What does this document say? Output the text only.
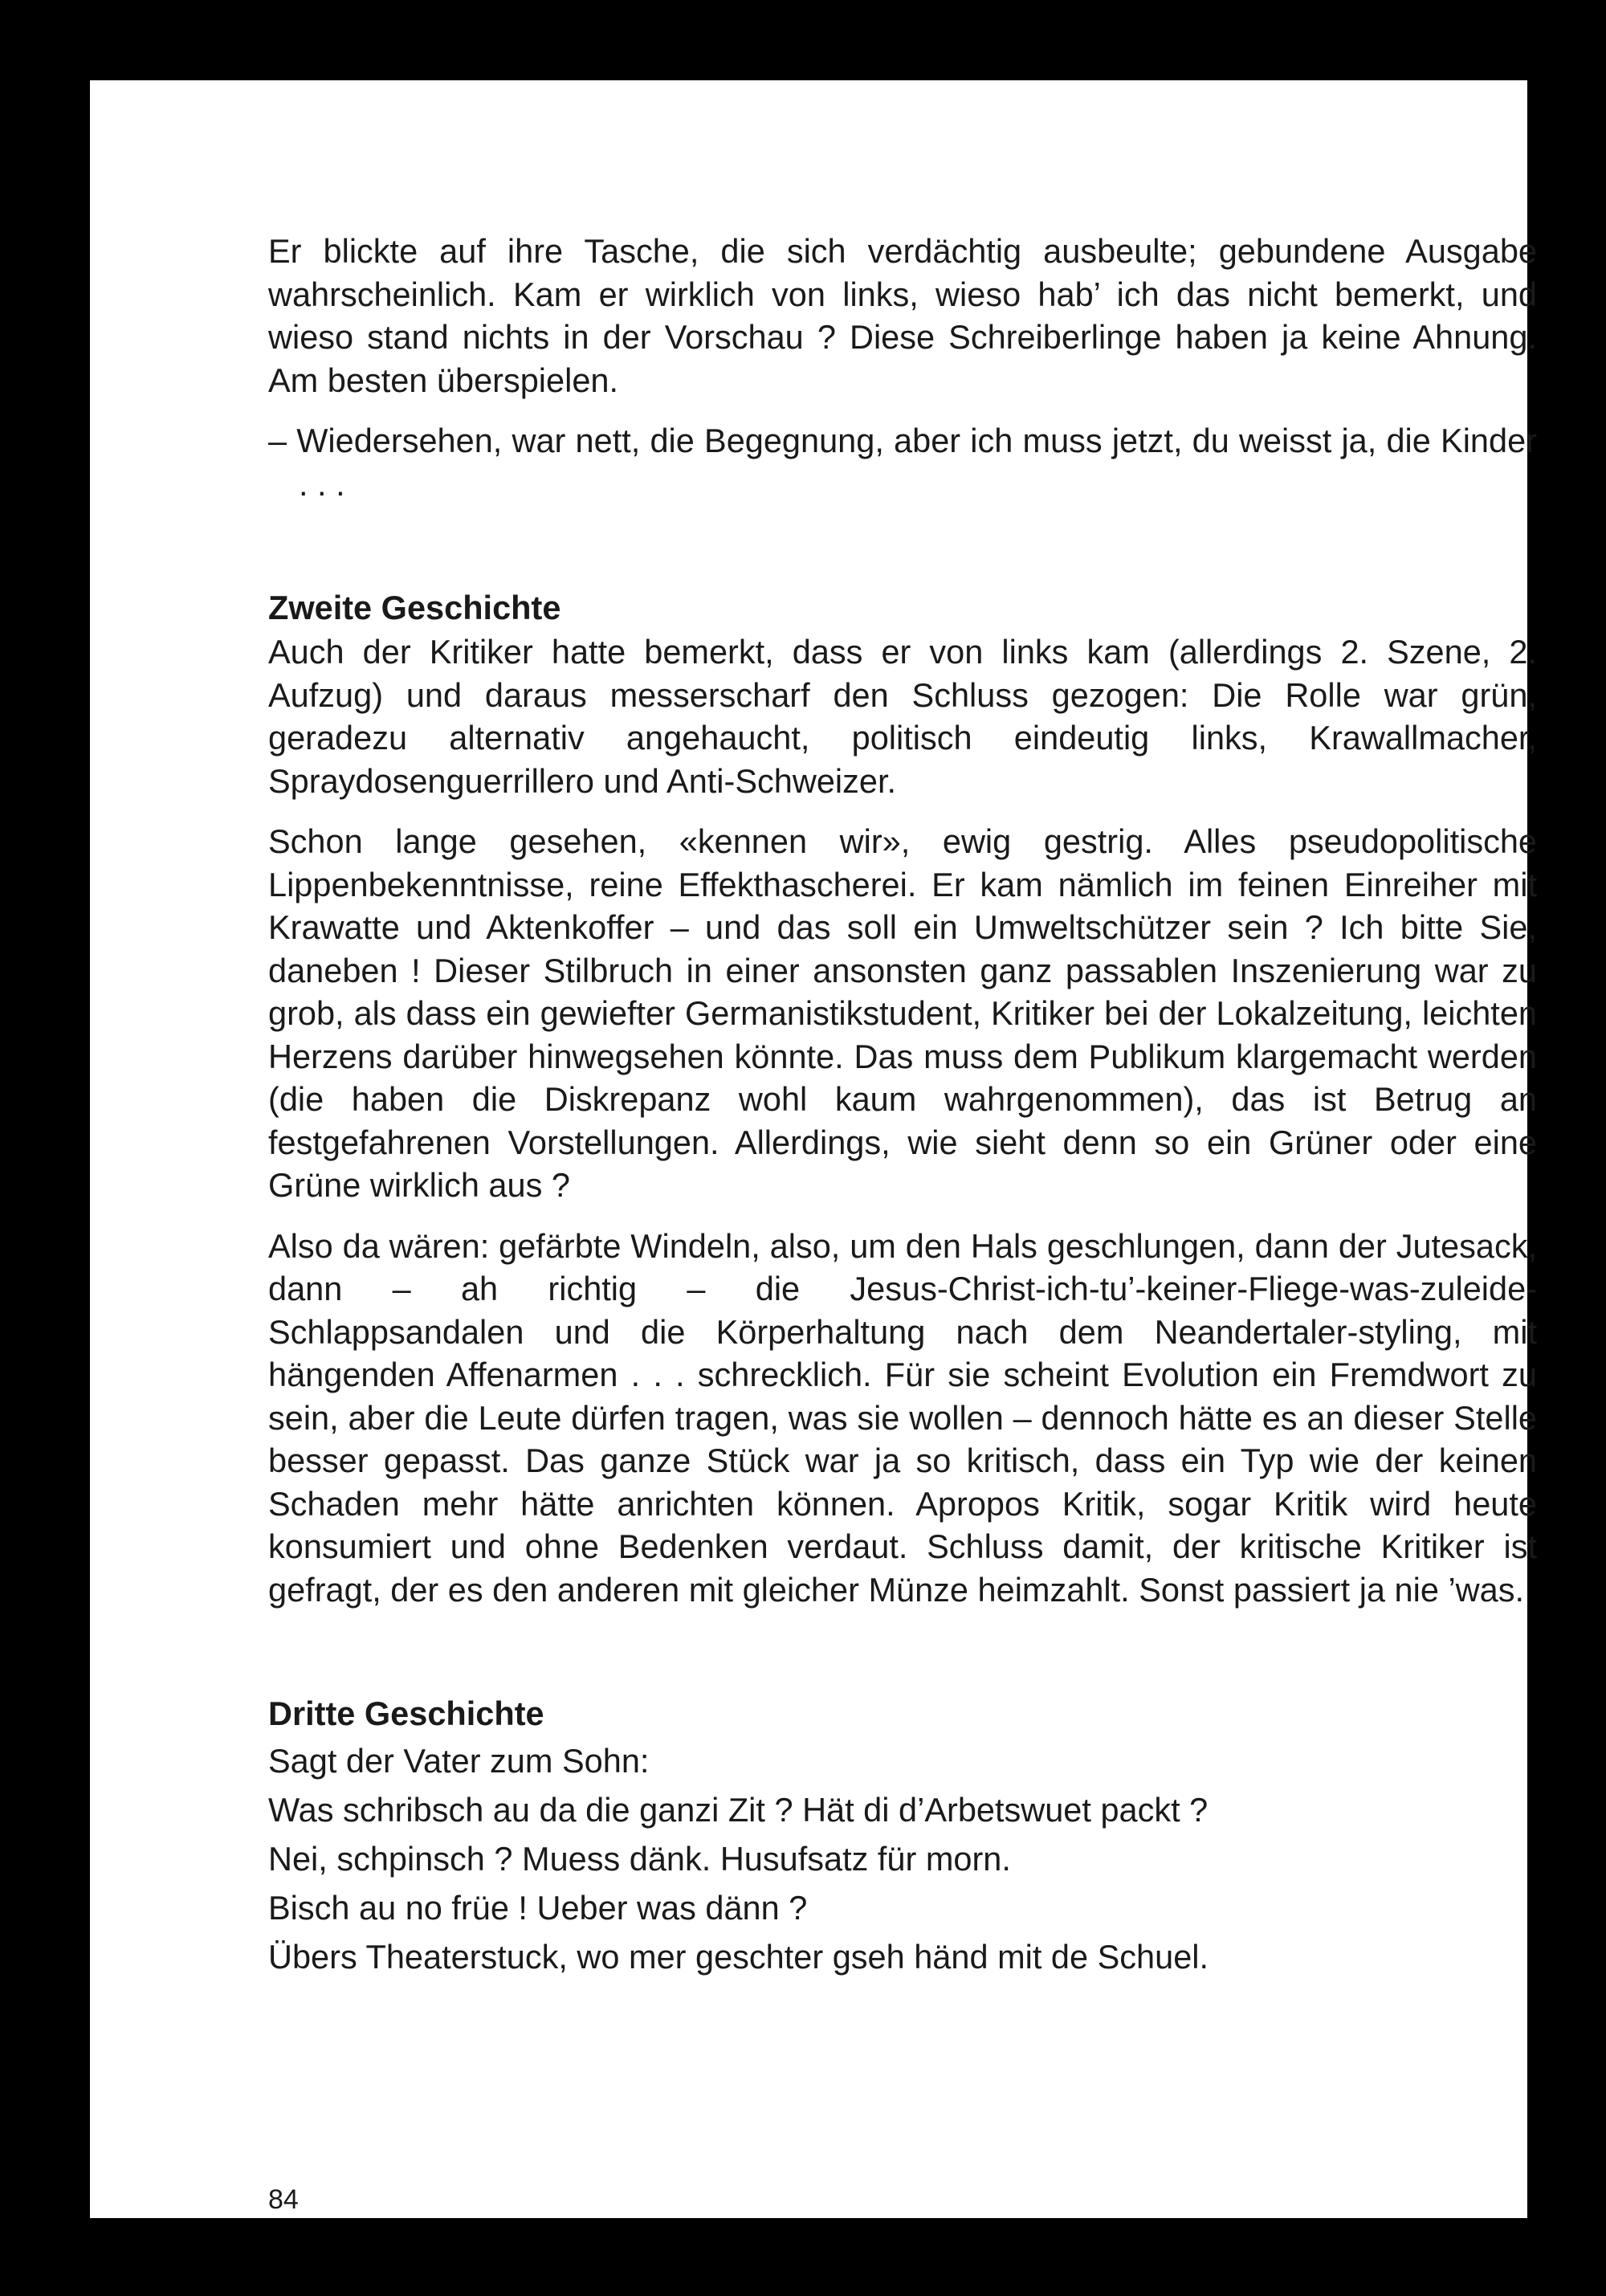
Er blickte auf ihre Tasche, die sich verdächtig ausbeulte; gebundene Ausgabe wahrscheinlich. Kam er wirklich von links, wieso hab’ ich das nicht bemerkt, und wieso stand nichts in der Vorschau ? Diese Schreiberlinge haben ja keine Ahnung. Am besten überspielen.

– Wiedersehen, war nett, die Begegnung, aber ich muss jetzt, du weisst ja, die Kinder . . .

Zweite Geschichte

Auch der Kritiker hatte bemerkt, dass er von links kam (allerdings 2. Szene, 2. Aufzug) und daraus messerscharf den Schluss gezogen: Die Rolle war grün, geradezu alternativ angehaucht, politisch eindeutig links, Krawallmacher, Spraydosenguerrillero und Anti-Schweizer.

Schon lange gesehen, «kennen wir», ewig gestrig. Alles pseudopolitische Lippenbekenntnisse, reine Effekthascherei. Er kam nämlich im feinen Einreiher mit Krawatte und Aktenkoffer – und das soll ein Umweltschützer sein ? Ich bitte Sie, daneben ! Dieser Stilbruch in einer ansonsten ganz passablen Inszenierung war zu grob, als dass ein gewiefter Germanistikstudent, Kritiker bei der Lokalzeitung, leichten Herzens darüber hinwegsehen könnte. Das muss dem Publikum klargemacht werden (die haben die Diskrepanz wohl kaum wahrgenommen), das ist Betrug an festgefahrenen Vorstellungen. Allerdings, wie sieht denn so ein Grüner oder eine Grüne wirklich aus ?

Also da wären: gefärbte Windeln, also, um den Hals geschlungen, dann der Jutesack, dann – ah richtig – die Jesus-Christ-ich-tu’-keiner-Fliege-was-zuleide-Schlappsandalen und die Körperhaltung nach dem Neandertaler-styling, mit hängenden Affenarmen . . . schrecklich. Für sie scheint Evolution ein Fremdwort zu sein, aber die Leute dürfen tragen, was sie wollen – dennoch hätte es an dieser Stelle besser gepasst. Das ganze Stück war ja so kritisch, dass ein Typ wie der keinen Schaden mehr hätte anrichten können. Apropos Kritik, sogar Kritik wird heute konsumiert und ohne Bedenken verdaut. Schluss damit, der kritische Kritiker ist gefragt, der es den anderen mit gleicher Münze heimzahlt. Sonst passiert ja nie ’was.

Dritte Geschichte

Sagt der Vater zum Sohn:

Was schribsch au da die ganzi Zit ? Hät di d’Arbetswuet packt ?

Nei, schpinsch ? Muess dänk. Husufsatz für morn.

Bisch au no früe ! Ueber was dänn ?

Übers Theaterstuck, wo mer geschter gseh händ mit de Schuel.

84
